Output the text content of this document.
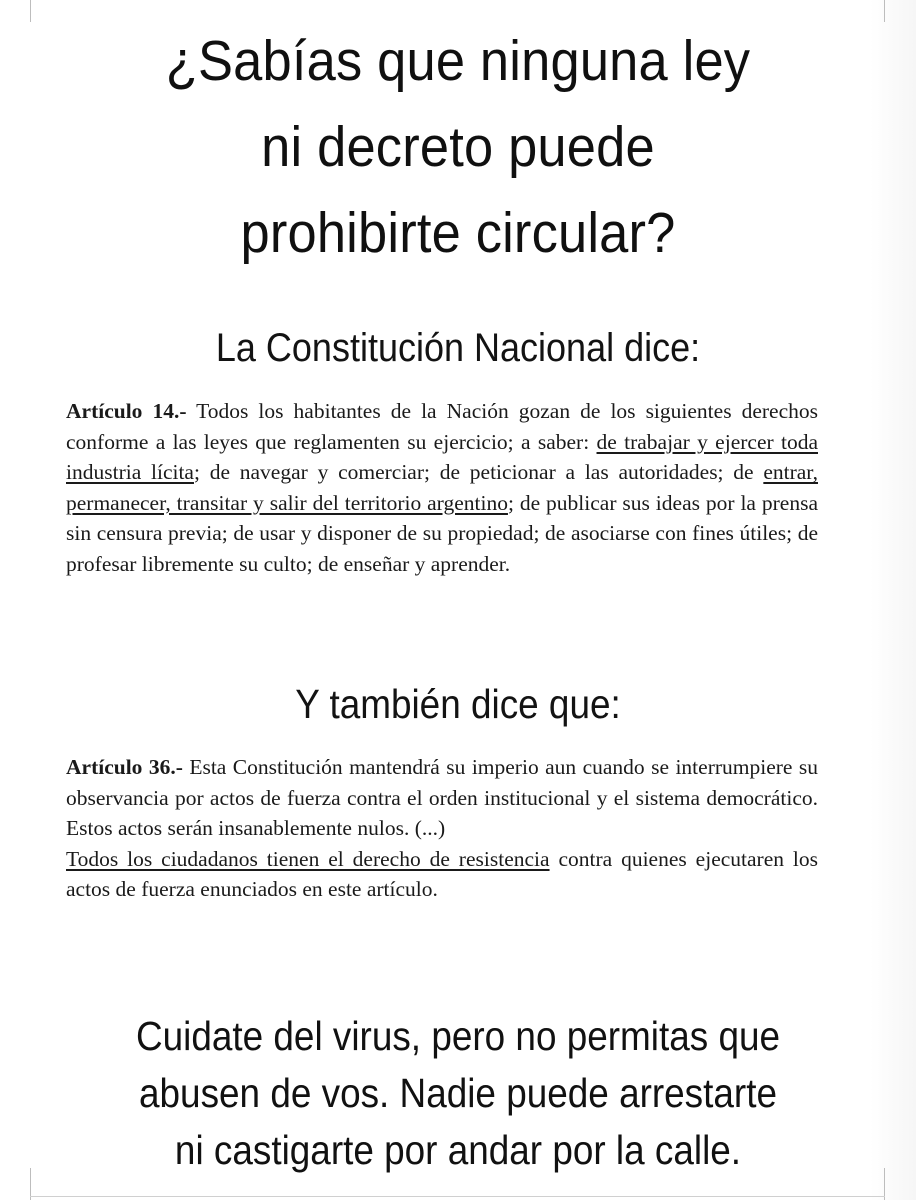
¿Sabías que ninguna ley
ni decreto puede
prohibirte circular?
La Constitución Nacional dice:

Artículo 14.- Todos los habitantes de la Nación gozan de los siguientes derechos conforme a las leyes que reglamenten su ejercicio; a saber: de trabajar y ejercer toda industria lícita; de navegar y comerciar; de peticionar a las autoridades; de entrar, permanecer, transitar y salir del territorio argentino; de publicar sus ideas por la prensa sin censura previa; de usar y disponer de su propiedad; de asociarse con fines útiles; de profesar libremente su culto; de enseñar y aprender.

Y también dice que:

Artículo 36.- Esta Constitución mantendrá su imperio aun cuando se interrumpiere su observancia por actos de fuerza contra el orden institucional y el sistema democrático. Estos actos serán insanablemente nulos. (...)
Todos los ciudadanos tienen el derecho de resistencia contra quienes ejecutaren los actos de fuerza enunciados en este artículo.

Cuidate del virus, pero no permitas que
abusen de vos. Nadie puede arrestarte
ni castigarte por andar por la calle.
